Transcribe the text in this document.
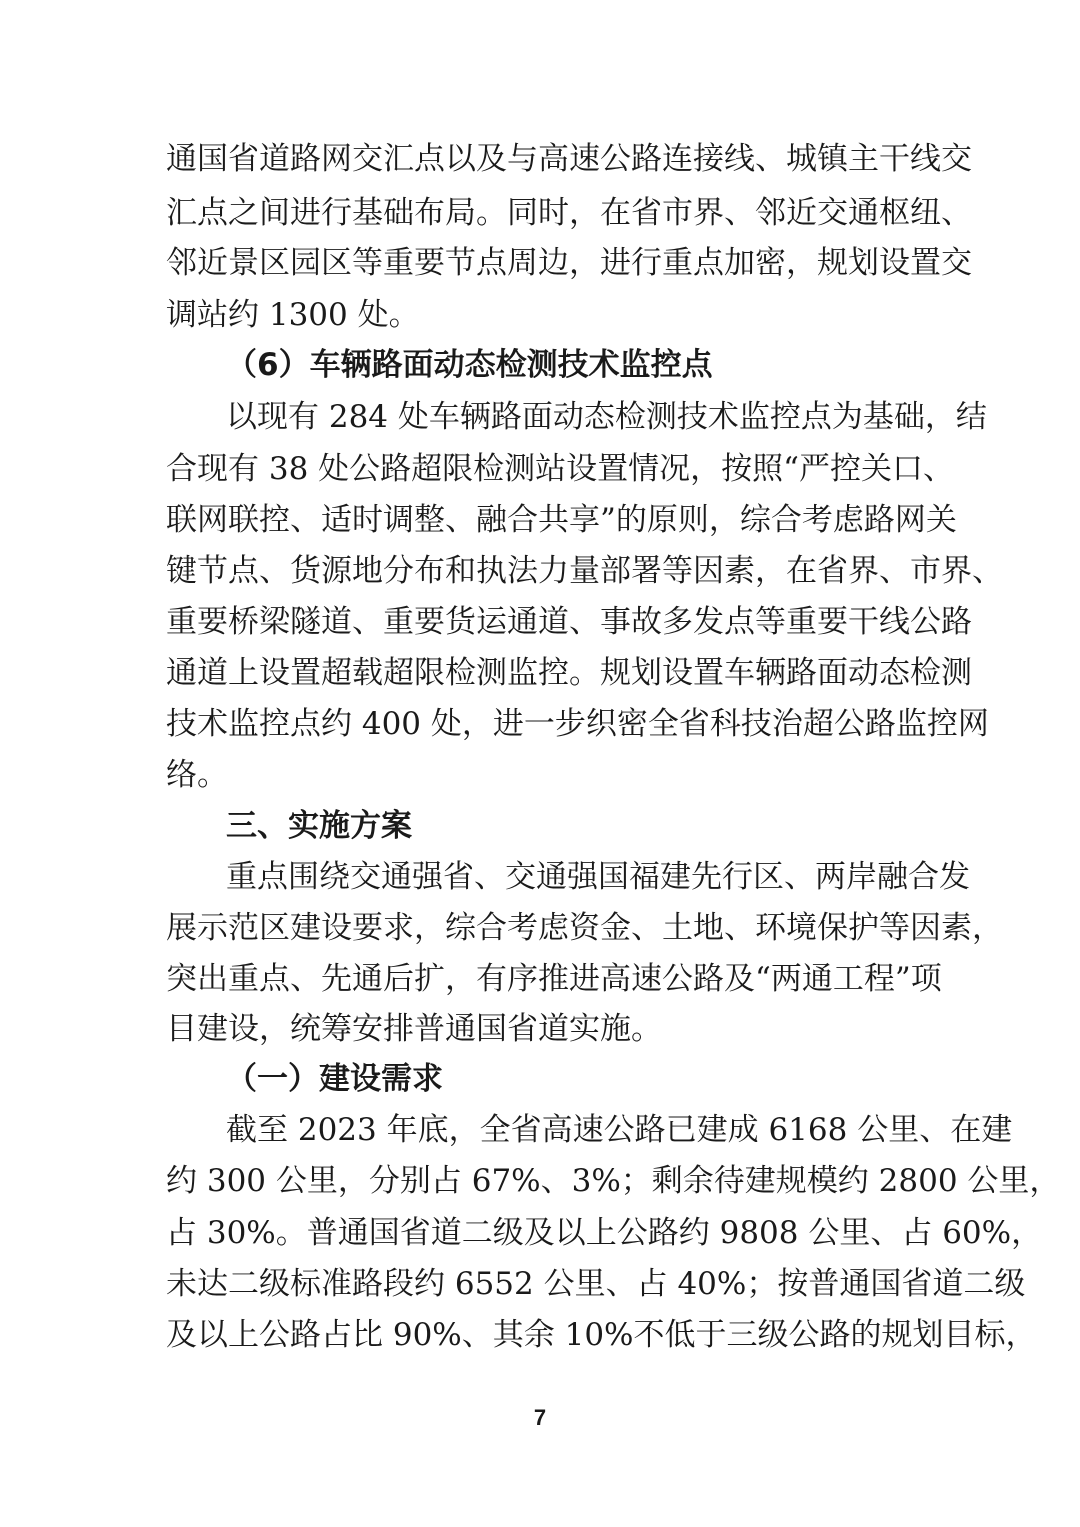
通国省道路网交汇点以及与高速公路连接线、城镇主干线交
汇点之间进行基础布局。同时，在省市界、邻近交通枢纽、
邻近景区园区等重要节点周边，进行重点加密，规划设置交
调站约 1300 处。
（6）车辆路面动态检测技术监控点
以现有 284 处车辆路面动态检测技术监控点为基础，结
合现有 38 处公路超限检测站设置情况，按照“严控关口、
联网联控、适时调整、融合共享”的原则，综合考虑路网关
键节点、货源地分布和执法力量部署等因素，在省界、市界、
重要桥梁隧道、重要货运通道、事故多发点等重要干线公路
通道上设置超载超限检测监控。规划设置车辆路面动态检测
技术监控点约 400 处，进一步织密全省科技治超公路监控网
络。
三、实施方案
重点围绕交通强省、交通强国福建先行区、两岸融合发
展示范区建设要求，综合考虑资金、土地、环境保护等因素，
突出重点、先通后扩，有序推进高速公路及“两通工程”项
目建设，统筹安排普通国省道实施。
（一）建设需求
截至 2023 年底，全省高速公路已建成 6168 公里、在建
约 300 公里，分别占 67%、3%；剩余待建规模约 2800 公里，
占 30%。普通国省道二级及以上公路约 9808 公里、占 60%，
未达二级标准路段约 6552 公里、占 40%；按普通国省道二级
及以上公路占比 90%、其余 10%不低于三级公路的规划目标，
7
